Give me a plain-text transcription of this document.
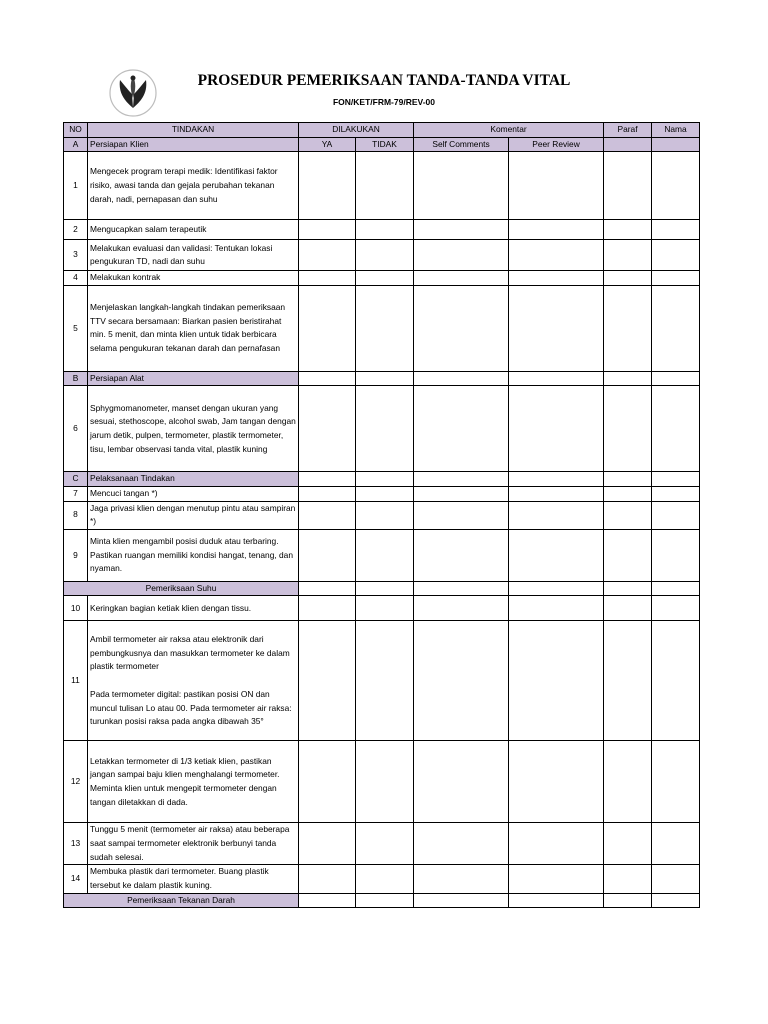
PROSEDUR PEMERIKSAAN TANDA-TANDA VITAL
FON/KET/FRM-79/REV-00
NO	TINDAKAN	DILAKUKAN		Komentar		Paraf	Nama
A	Persiapan Klien	YA	TIDAK	Self Comments	Peer Review		
1	Mengecek program terapi medik: Identifikasi faktor risiko, awasi tanda dan gejala perubahan tekanan darah, nadi, pernapasan dan suhu						
2	Mengucapkan salam terapeutik						
3	Melakukan evaluasi dan validasi: Tentukan lokasi pengukuran TD, nadi dan suhu						
4	Melakukan kontrak						
5	Menjelaskan langkah-langkah tindakan pemeriksaan TTV secara bersamaan: Biarkan pasien beristirahat min. 5 menit, dan minta klien untuk tidak berbicara selama pengukuran tekanan darah dan pernafasan						
B	Persiapan Alat						
6	Sphygmomanometer, manset dengan ukuran yang sesuai, stethoscope, alcohol swab, Jam tangan dengan jarum detik, pulpen, termometer, plastik termometer, tisu, lembar observasi tanda vital, plastik kuning						
C	Pelaksanaan Tindakan						
7	Mencuci tangan *)						
8	Jaga privasi klien dengan menutup pintu atau sampiran *)						
9	Minta klien mengambil posisi duduk atau terbaring. Pastikan ruangan memiliki kondisi hangat, tenang, dan nyaman.						
Pemeriksaan Suhu							
10	Keringkan bagian ketiak klien dengan tissu.						
11	Ambil termometer air raksa atau elektronik dari pembungkusnya dan masukkan termometer ke dalam plastik termometer
Pada termometer digital: pastikan posisi ON dan muncul tulisan Lo atau 00. Pada termometer air raksa: turunkan posisi raksa pada angka dibawah 35°						

12	Letakkan termometer di 1/3 ketiak klien, pastikan jangan sampai baju klien menghalangi termometer. Meminta klien untuk mengepit termometer dengan tangan diletakkan di dada.						
13	Tunggu 5 menit (termometer air raksa) atau beberapa saat sampai termometer elektronik berbunyi tanda sudah selesai.						
14	Membuka plastik dari termometer. Buang plastik tersebut ke dalam plastik kuning.						
Pemeriksaan Tekanan Darah							
